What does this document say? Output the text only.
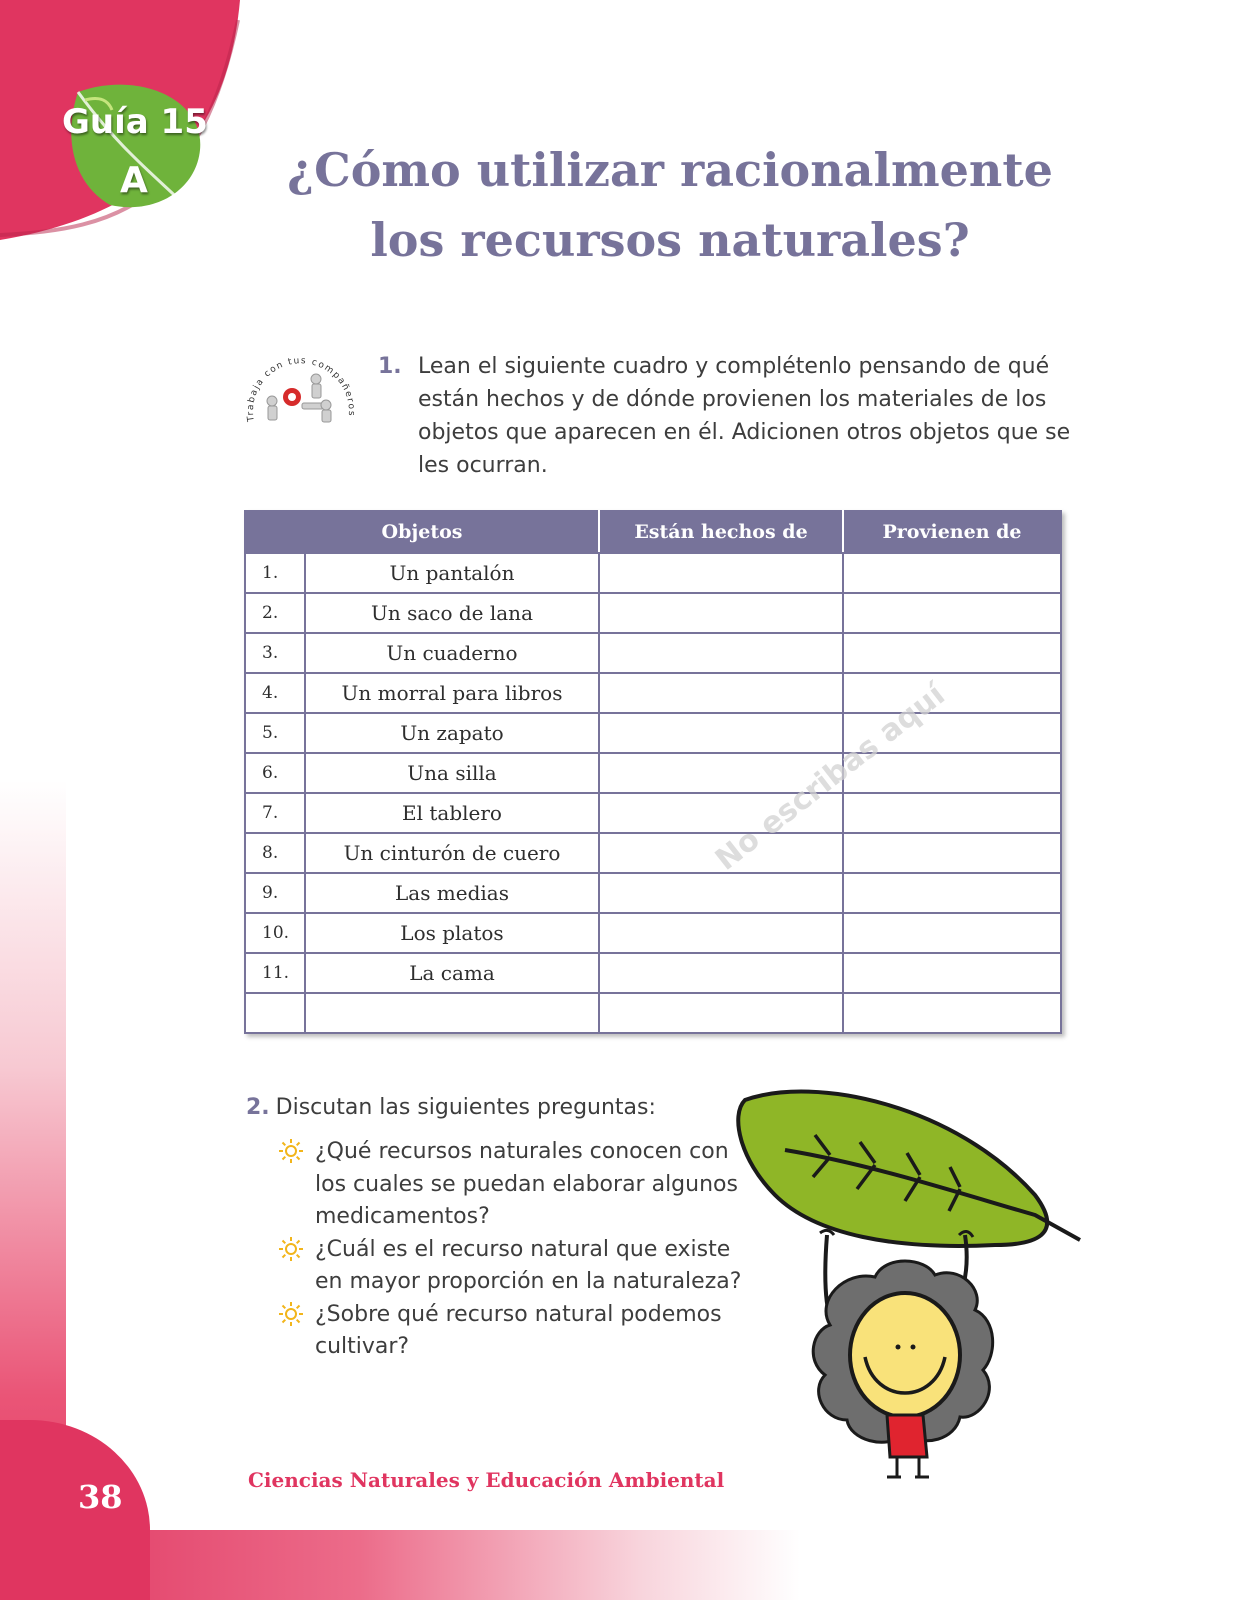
38	Ciencias Naturales y Educación Ambiental
Guía 15
A	¿Cómo utilizar racionalmente
los recursos naturales?
Trabaja con tus compañeros
1. Lean el siguiente cuadro y complétenlo pensando de qué están hechos y de dónde provienen los materiales de los objetos que aparecen en él. Adicionen otros objetos que se les ocurran.
Objetos		Están hechos de	Provienen de
1.	Un pantalón		
2.	Un saco de lana		
3.	Un cuaderno		
4.	Un morral para libros		
5.	Un zapato		
6.	Una silla		
7.	El tablero		
8.	Un cinturón de cuero		
9.	Las medias		
10.	Los platos		
11.	La cama		

No escribas aquí
2. Discutan las siguientes preguntas:
¿Qué recursos naturales conocen con los cuales se puedan elaborar algunos medicamentos?
¿Cuál es el recurso natural que existe en mayor proporción en la naturaleza?
¿Sobre qué recurso natural podemos cultivar?
